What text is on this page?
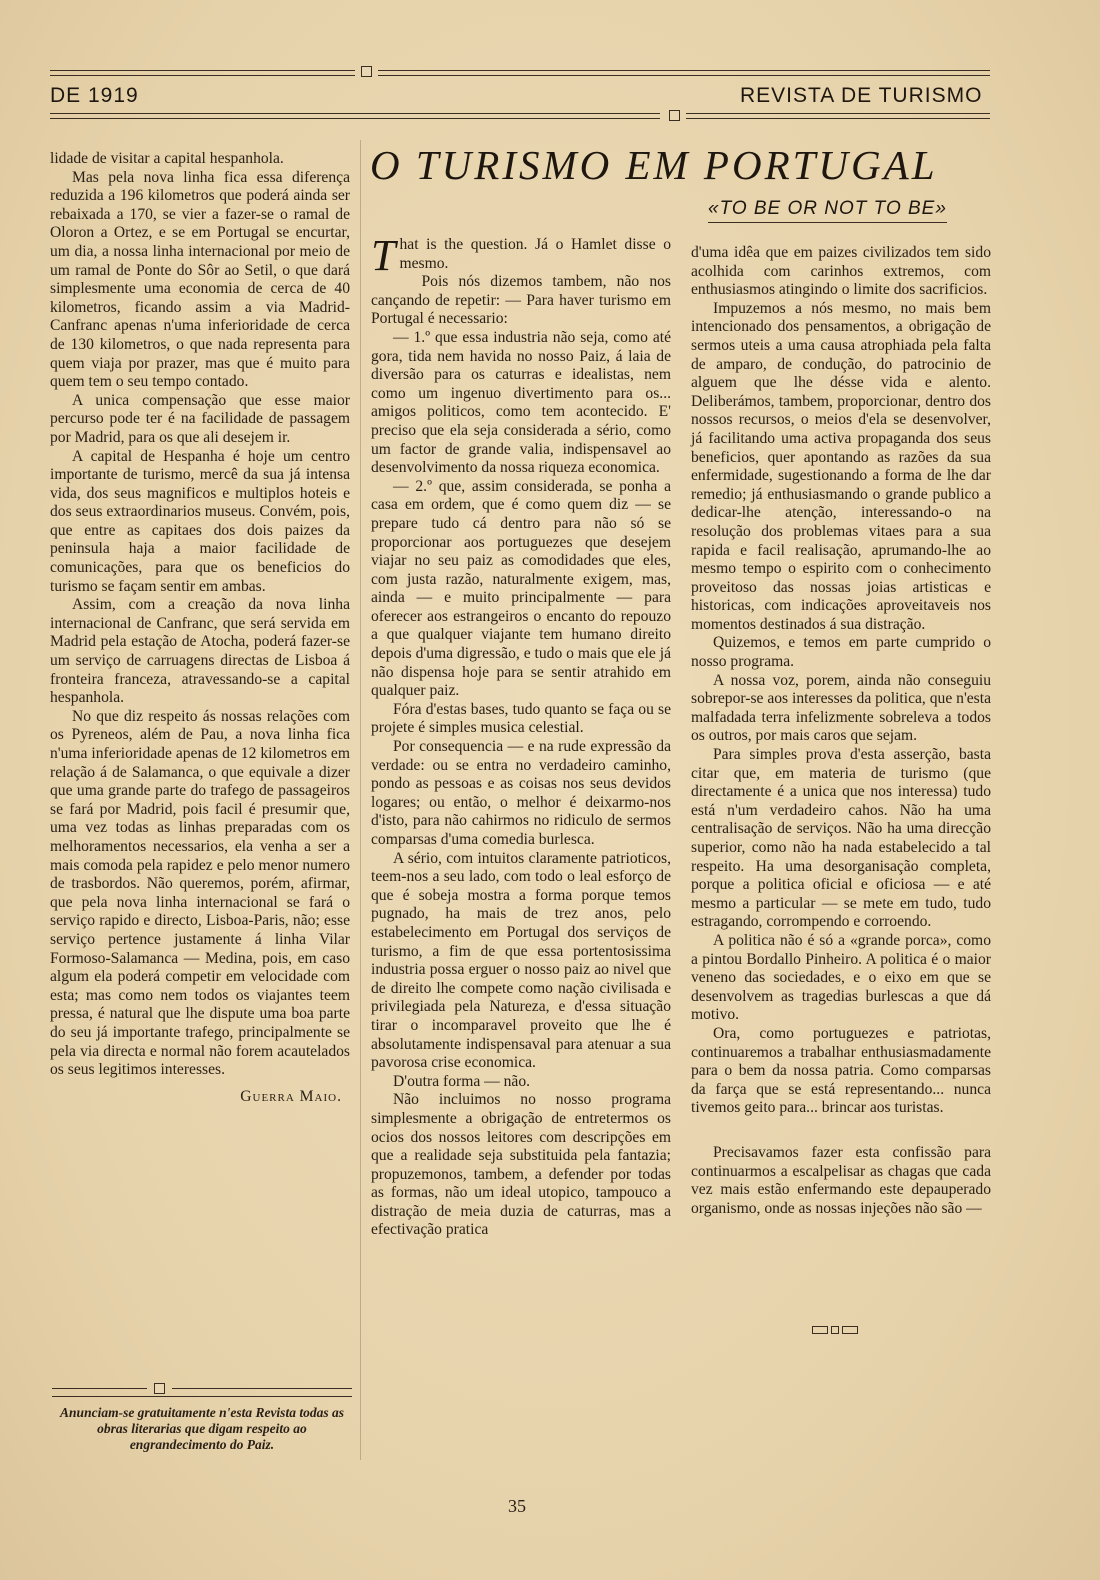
DE 1919	REVISTA DE TURISMO

lidade de visitar a capital hespanhola.

Mas pela nova linha fica essa diferença reduzida a 196 kilometros que poderá ainda ser rebaixada a 170, se vier a fazer-se o ramal de Oloron a Ortez, e se em Portugal se encurtar, um dia, a nossa linha internacional por meio de um ramal de Ponte do Sôr ao Setil, o que dará simplesmente uma economia de cerca de 40 kilometros, ficando assim a via Madrid-Canfranc apenas n'uma inferioridade de cerca de 130 kilometros, o que nada representa para quem viaja por prazer, mas que é muito para quem tem o seu tempo contado.

A unica compensação que esse maior percurso pode ter é na facilidade de passagem por Madrid, para os que ali desejem ir.

A capital de Hespanha é hoje um centro importante de turismo, mercê da sua já intensa vida, dos seus magnificos e multiplos hoteis e dos seus extraordinarios museus. Convém, pois, que entre as capitaes dos dois paizes da peninsula haja a maior facilidade de comunicações, para que os beneficios do turismo se façam sentir em ambas.

Assim, com a creação da nova linha internacional de Canfranc, que será servida em Madrid pela estação de Atocha, poderá fazer-se um serviço de carruagens directas de Lisboa á fronteira franceza, atravessando-se a capital hespanhola.

No que diz respeito ás nossas relações com os Pyreneos, além de Pau, a nova linha fica n'uma inferioridade apenas de 12 kilometros em relação á de Salamanca, o que equivale a dizer que uma grande parte do trafego de passageiros se fará por Madrid, pois facil é presumir que, uma vez todas as linhas preparadas com os melhoramentos necessarios, ela venha a ser a mais comoda pela rapidez e pelo menor numero de trasbordos. Não queremos, porém, afirmar, que pela nova linha internacional se fará o serviço rapido e directo, Lisboa-Paris, não; esse serviço pertence justamente á linha Vilar Formoso-Salamanca — Medina, pois, em caso algum ela poderá competir em velocidade com esta; mas como nem todos os viajantes teem pressa, é natural que lhe dispute uma boa parte do seu já importante trafego, principalmente se pela via directa e normal não forem acautelados os seus legitimos interesses.

Guerra Maio.

Anunciam-se gratuitamente n'esta Revista todas as obras literarias que digam respeito ao engrandecimento do Paiz.
O TURISMO EM PORTUGAL
«TO BE OR NOT TO BE»

That is the question. Já o Hamlet disse o mesmo.

Pois nós dizemos tambem, não nos cançando de repetir: — Para haver turismo em Portugal é necessario:

— 1.º que essa industria não seja, como até gora, tida nem havida no nosso Paiz, á laia de diversão para os caturras e idealistas, nem como um ingenuo divertimento para os... amigos politicos, como tem acontecido. E' preciso que ela seja considerada a sério, como um factor de grande valia, indispensavel ao desenvolvimento da nossa riqueza economica.

— 2.º que, assim considerada, se ponha a casa em ordem, que é como quem diz — se prepare tudo cá dentro para não só se proporcionar aos portuguezes que desejem viajar no seu paiz as comodidades que eles, com justa razão, naturalmente exigem, mas, ainda — e muito principalmente — para oferecer aos estrangeiros o encanto do repouzo a que qualquer viajante tem humano direito depois d'uma digressão, e tudo o mais que ele já não dispensa hoje para se sentir atrahido em qualquer paiz.

Fóra d'estas bases, tudo quanto se faça ou se projete é simples musica celestial.

Por consequencia — e na rude expressão da verdade: ou se entra no verdadeiro caminho, pondo as pessoas e as coisas nos seus devidos logares; ou então, o melhor é deixarmo-nos d'isto, para não cahirmos no ridiculo de sermos comparsas d'uma comedia burlesca.

A sério, com intuitos claramente patrioticos, teem-nos a seu lado, com todo o leal esforço de que é sobeja mostra a forma porque temos pugnado, ha mais de trez anos, pelo estabelecimento em Portugal dos serviços de turismo, a fim de que essa portentosissima industria possa erguer o nosso paiz ao nivel que de direito lhe compete como nação civilisada e privilegiada pela Natureza, e d'essa situação tirar o incomparavel proveito que lhe é absolutamente indispensaval para atenuar a sua pavorosa crise economica.

D'outra forma — não.

Não incluimos no nosso programa simplesmente a obrigação de entretermos os ocios dos nossos leitores com descripções em que a realidade seja substituida pela fantazia; propuzemonos, tambem, a defender por todas as formas, não um ideal utopico, tampouco a distração de meia duzia de caturras, mas a efectivação pratica

d'uma idêa que em paizes civilizados tem sido acolhida com carinhos extremos, com enthusiasmos atingindo o limite dos sacrificios.

Impuzemos a nós mesmo, no mais bem intencionado dos pensamentos, a obrigação de sermos uteis a uma causa atrophiada pela falta de amparo, de condução, do patrocinio de alguem que lhe désse vida e alento. Deliberámos, tambem, proporcionar, dentro dos nossos recursos, o meios d'ela se desenvolver, já facilitando uma activa propaganda dos seus beneficios, quer apontando as razões da sua enfermidade, sugestionando a forma de lhe dar remedio; já enthusiasmando o grande publico a dedicar-lhe atenção, interessando-o na resolução dos problemas vitaes para a sua rapida e facil realisação, aprumando-lhe ao mesmo tempo o espirito com o conhecimento proveitoso das nossas joias artisticas e historicas, com indicações aproveitaveis nos momentos destinados á sua distração.

Quizemos, e temos em parte cumprido o nosso programa.

A nossa voz, porem, ainda não conseguiu sobrepor-se aos interesses da politica, que n'esta malfadada terra infelizmente sobreleva a todos os outros, por mais caros que sejam.

Para simples prova d'esta asserção, basta citar que, em materia de turismo (que directamente é a unica que nos interessa) tudo está n'um verdadeiro cahos. Não ha uma centralisação de serviços. Não ha uma direcção superior, como não ha nada estabelecido a tal respeito. Ha uma desorganisação completa, porque a politica oficial e oficiosa — e até mesmo a particular — se mete em tudo, tudo estragando, corrompendo e corroendo.

A politica não é só a «grande porca», como a pintou Bordallo Pinheiro. A politica é o maior veneno das sociedades, e o eixo em que se desenvolvem as tragedias burlescas a que dá motivo.

Ora, como portuguezes e patriotas, continuaremos a trabalhar enthusiasmadamente para o bem da nossa patria. Como comparsas da farça que se está representando... nunca tivemos geito para... brincar aos turistas.

Precisavamos fazer esta confissão para continuarmos a escalpelisar as chagas que cada vez mais estão enfermando este depauperado organismo, onde as nossas injeções não são —

35
